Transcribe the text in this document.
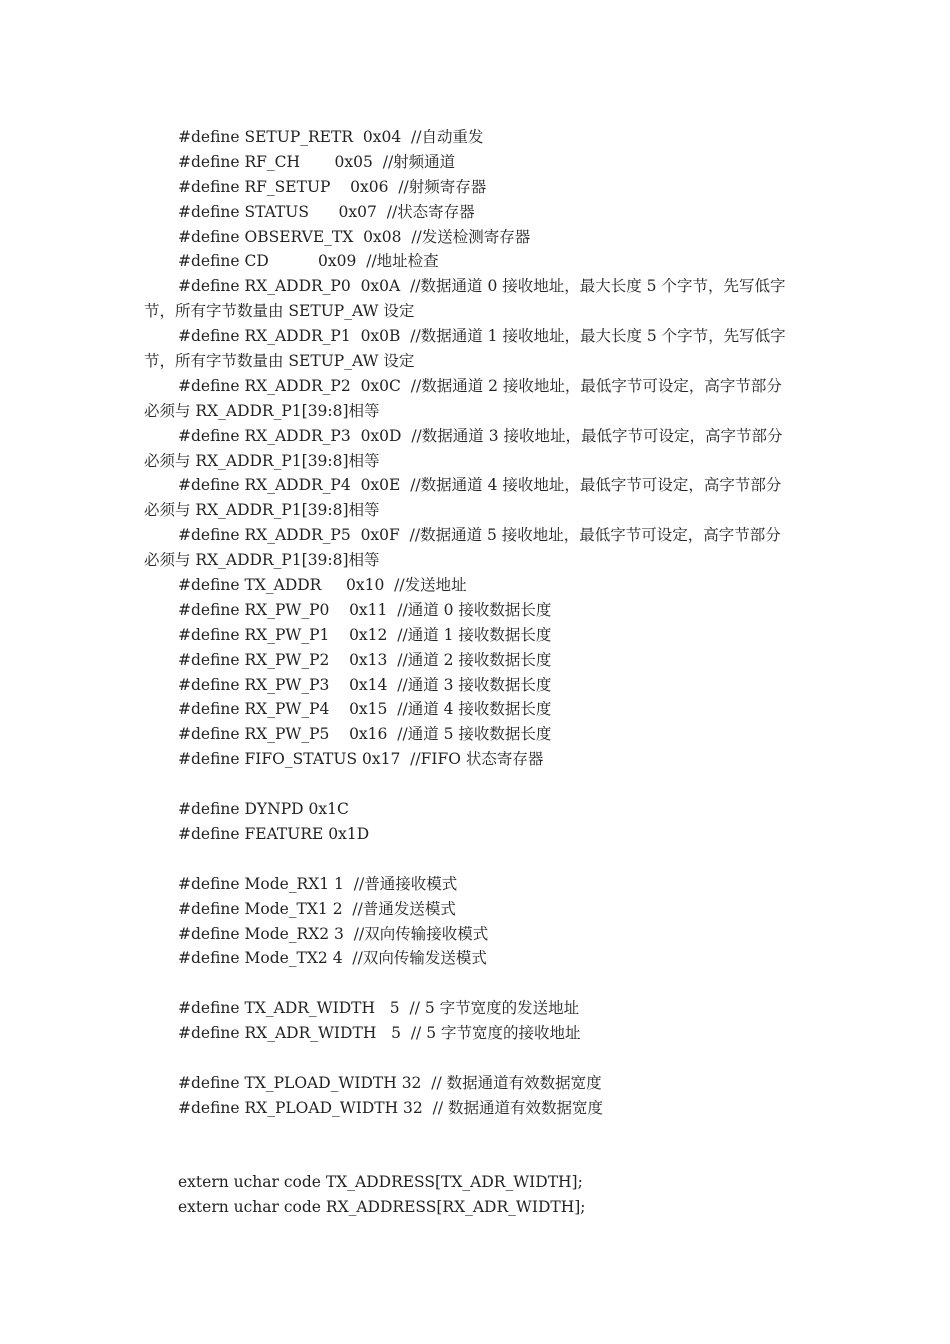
#define SETUP_RETR  0x04  //自动重发
#define RF_CH       0x05  //射频通道
#define RF_SETUP    0x06  //射频寄存器
#define STATUS      0x07  //状态寄存器
#define OBSERVE_TX  0x08  //发送检测寄存器
#define CD          0x09  //地址检查
#define RX_ADDR_P0  0x0A  //数据通道 0 接收地址，最大长度 5 个字节，先写低字
节，所有字节数量由 SETUP_AW 设定
#define RX_ADDR_P1  0x0B  //数据通道 1 接收地址，最大长度 5 个字节，先写低字
节，所有字节数量由 SETUP_AW 设定
#define RX_ADDR_P2  0x0C  //数据通道 2 接收地址，最低字节可设定，高字节部分
必须与 RX_ADDR_P1[39:8]相等
#define RX_ADDR_P3  0x0D  //数据通道 3 接收地址，最低字节可设定，高字节部分
必须与 RX_ADDR_P1[39:8]相等
#define RX_ADDR_P4  0x0E  //数据通道 4 接收地址，最低字节可设定，高字节部分
必须与 RX_ADDR_P1[39:8]相等
#define RX_ADDR_P5  0x0F  //数据通道 5 接收地址，最低字节可设定，高字节部分
必须与 RX_ADDR_P1[39:8]相等
#define TX_ADDR     0x10  //发送地址
#define RX_PW_P0    0x11  //通道 0 接收数据长度
#define RX_PW_P1    0x12  //通道 1 接收数据长度
#define RX_PW_P2    0x13  //通道 2 接收数据长度
#define RX_PW_P3    0x14  //通道 3 接收数据长度
#define RX_PW_P4    0x15  //通道 4 接收数据长度
#define RX_PW_P5    0x16  //通道 5 接收数据长度
#define FIFO_STATUS 0x17  //FIFO 状态寄存器
#define DYNPD 0x1C
#define FEATURE 0x1D
#define Mode_RX1 1  //普通接收模式
#define Mode_TX1 2  //普通发送模式
#define Mode_RX2 3  //双向传输接收模式
#define Mode_TX2 4  //双向传输发送模式
#define TX_ADR_WIDTH   5  // 5 字节宽度的发送地址
#define RX_ADR_WIDTH   5  // 5 字节宽度的接收地址
#define TX_PLOAD_WIDTH 32  // 数据通道有效数据宽度
#define RX_PLOAD_WIDTH 32  // 数据通道有效数据宽度
extern uchar code TX_ADDRESS[TX_ADR_WIDTH];
extern uchar code RX_ADDRESS[RX_ADR_WIDTH];
